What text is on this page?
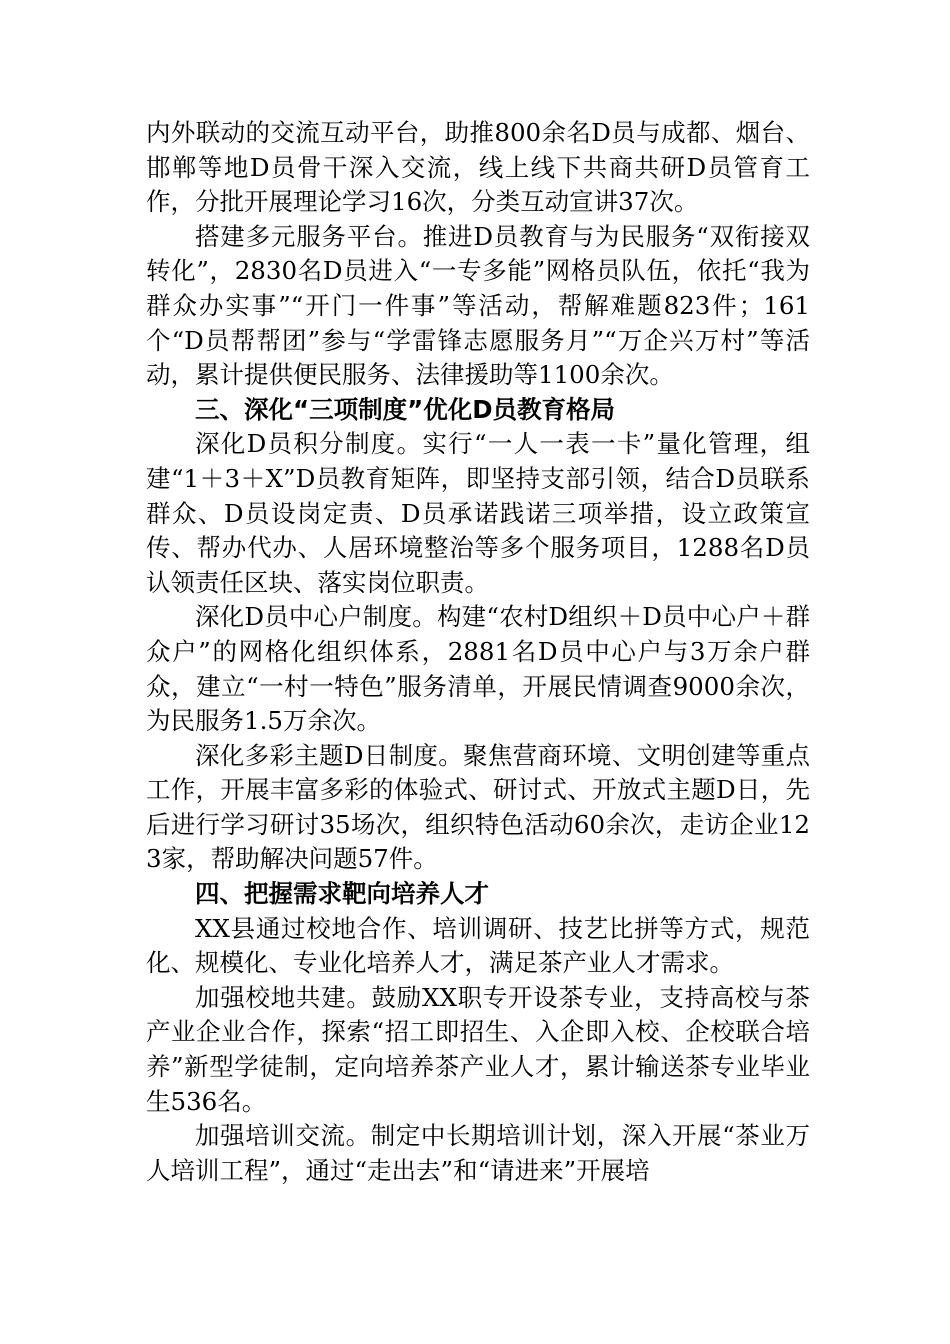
内外联动的交流互动平台，助推800余名D员与成都、烟台、邯郸等地D员骨干深入交流，线上线下共商共研D员管育工作，分批开展理论学习16次，分类互动宣讲37次。

搭建多元服务平台。推进D员教育与为民服务“双衔接双转化”，2830名D员进入“一专多能”网格员队伍，依托“我为群众办实事”“开门一件事”等活动，帮解难题823件；161个“D员帮帮团”参与“学雷锋志愿服务月”“万企兴万村”等活动，累计提供便民服务、法律援助等1100余次。

三、深化“三项制度”优化D员教育格局

深化D员积分制度。实行“一人一表一卡”量化管理，组建“1＋3＋X”D员教育矩阵，即坚持支部引领，结合D员联系群众、D员设岗定责、D员承诺践诺三项举措，设立政策宣传、帮办代办、人居环境整治等多个服务项目，1288名D员认领责任区块、落实岗位职责。

深化D员中心户制度。构建“农村D组织＋D员中心户＋群众户”的网格化组织体系，2881名D员中心户与3万余户群众，建立“一村一特色”服务清单，开展民情调查9000余次，为民服务1.5万余次。

深化多彩主题D日制度。聚焦营商环境、文明创建等重点工作，开展丰富多彩的体验式、研讨式、开放式主题D日，先后进行学习研讨35场次，组织特色活动60余次，走访企业123家，帮助解决问题57件。

四、把握需求靶向培养人才

XX县通过校地合作、培训调研、技艺比拼等方式，规范化、规模化、专业化培养人才，满足茶产业人才需求。

加强校地共建。鼓励XX职专开设茶专业，支持高校与茶产业企业合作，探索“招工即招生、入企即入校、企校联合培养”新型学徒制，定向培养茶产业人才，累计输送茶专业毕业生536名。

加强培训交流。制定中长期培训计划，深入开展“茶业万人培训工程”，通过“走出去”和“请进来”开展培
